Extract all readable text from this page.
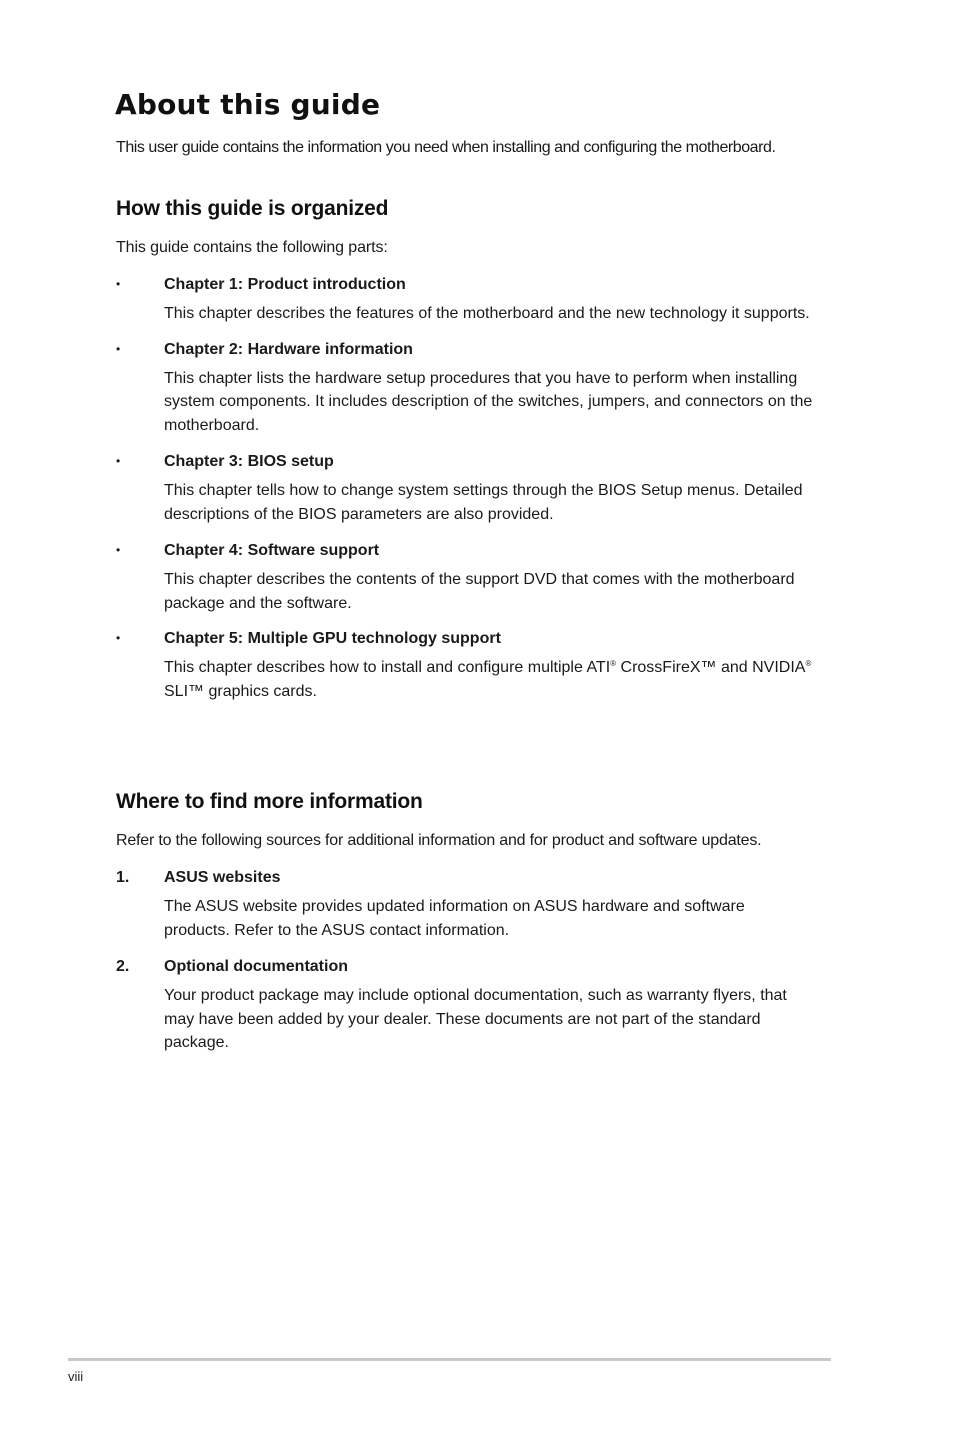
About this guide

This user guide contains the information you need when installing and configuring the motherboard.

How this guide is organized

This guide contains the following parts:

•	Chapter 1: Product introduction

This chapter describes the features of the motherboard and the new technology it supports.

•	Chapter 2: Hardware information

This chapter lists the hardware setup procedures that you have to perform when installing system components. It includes description of the switches, jumpers, and connectors on the motherboard.

•	Chapter 3: BIOS setup

This chapter tells how to change system settings through the BIOS Setup menus. Detailed descriptions of the BIOS parameters are also provided.

•	Chapter 4: Software support

This chapter describes the contents of the support DVD that comes with the motherboard package and the software.

•	Chapter 5: Multiple GPU technology support

This chapter describes how to install and configure multiple ATI® CrossFireX™ and NVIDIA® SLI™ graphics cards.

Where to find more information

Refer to the following sources for additional information and for product and software updates.

1. ASUS websites

The ASUS website provides updated information on ASUS hardware and software products. Refer to the ASUS contact information.

2. Optional documentation

Your product package may include optional documentation, such as warranty flyers, that may have been added by your dealer. These documents are not part of the standard package.

viii
